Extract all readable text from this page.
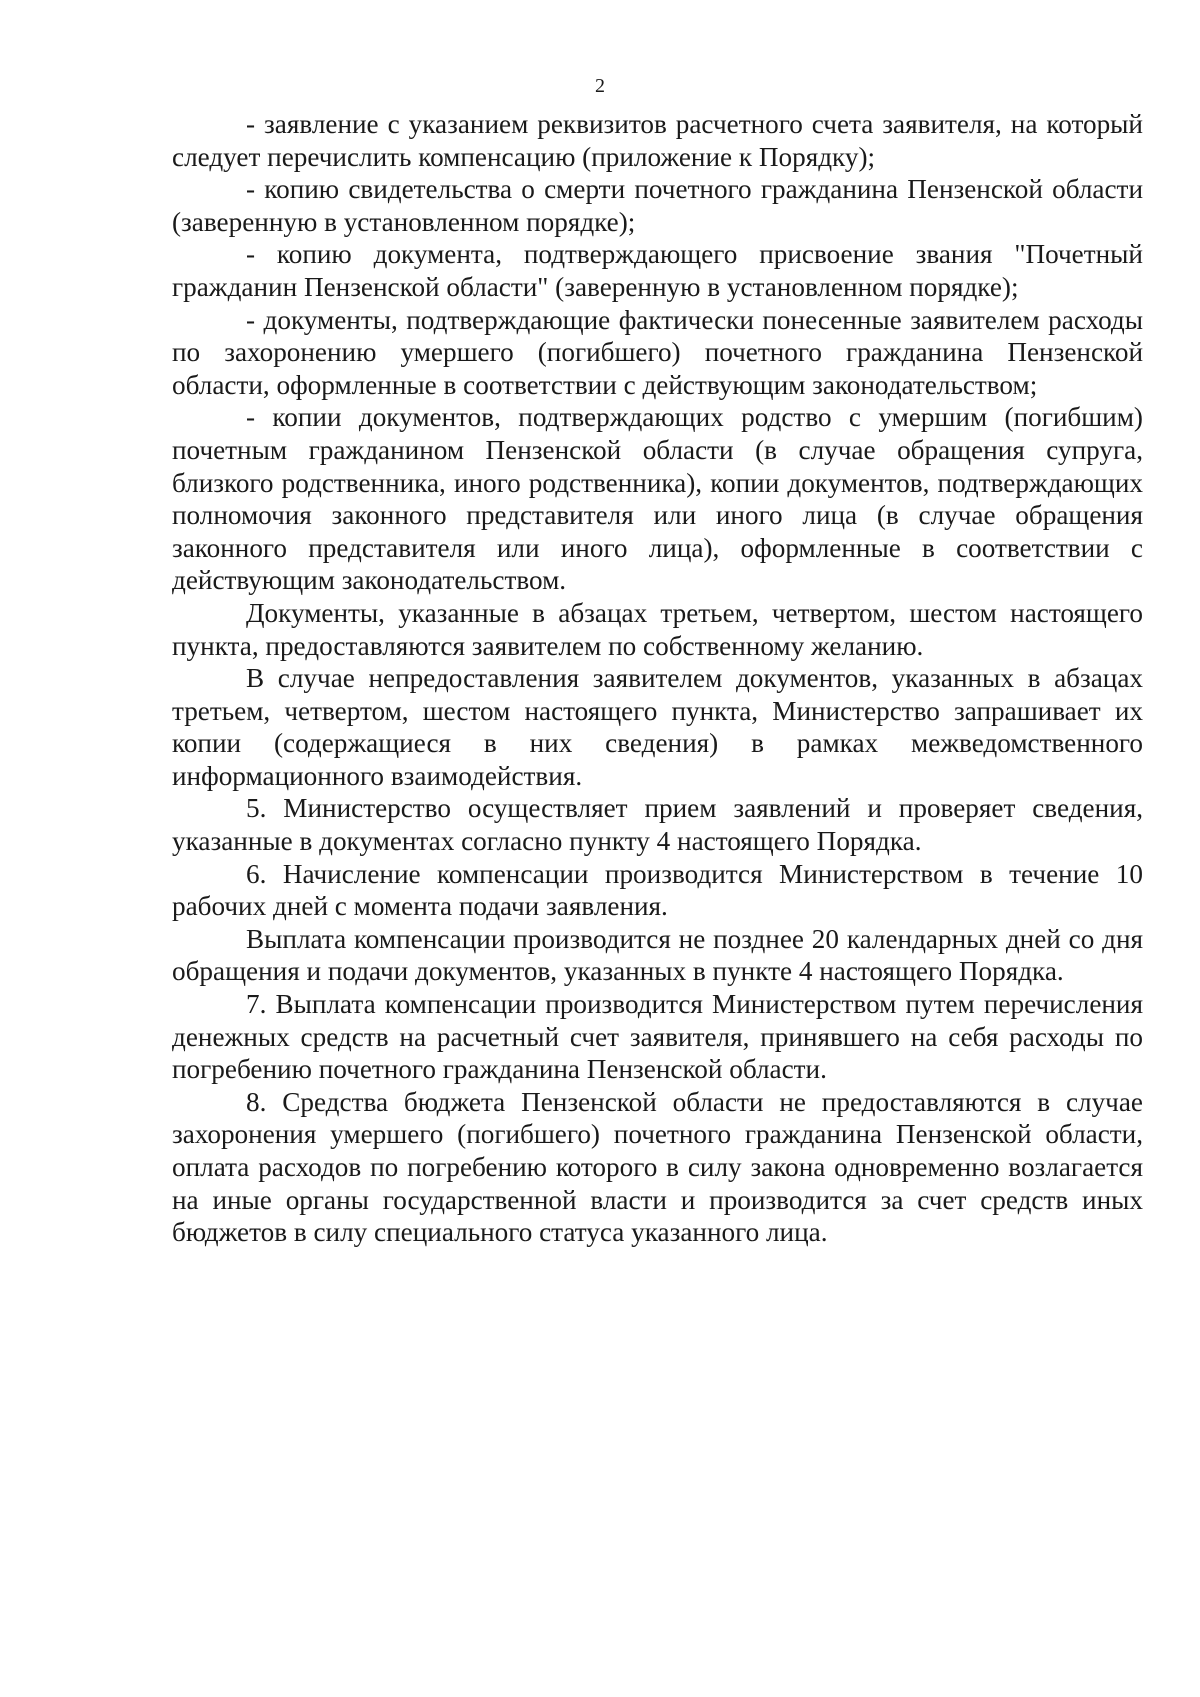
2

- заявление с указанием реквизитов расчетного счета заявителя, на который следует перечислить компенсацию (приложение к Порядку);

- копию свидетельства о смерти почетного гражданина Пензенской области (заверенную в установленном порядке);

- копию документа, подтверждающего присвоение звания "Почетный гражданин Пензенской области" (заверенную в установленном порядке);

- документы, подтверждающие фактически понесенные заявителем расходы по захоронению умершего (погибшего) почетного гражданина Пензенской области, оформленные в соответствии с действующим законодательством;

- копии документов, подтверждающих родство с умершим (погибшим) почетным гражданином Пензенской области (в случае обращения супруга, близкого родственника, иного родственника), копии документов, подтверждающих полномочия законного представителя или иного лица (в случае обращения законного представителя или иного лица), оформленные в соответствии с действующим законодательством.

Документы, указанные в абзацах третьем, четвертом, шестом настоящего пункта, предоставляются заявителем по собственному желанию.

В случае непредоставления заявителем документов, указанных в абзацах третьем, четвертом, шестом настоящего пункта, Министерство запрашивает их копии (содержащиеся в них сведения) в рамках межведомственного информационного взаимодействия.

5. Министерство осуществляет прием заявлений и проверяет сведения, указанные в документах согласно пункту 4 настоящего Порядка.

6. Начисление компенсации производится Министерством в течение 10 рабочих дней с момента подачи заявления.

Выплата компенсации производится не позднее 20 календарных дней со дня обращения и подачи документов, указанных в пункте 4 настоящего Порядка.

7. Выплата компенсации производится Министерством путем перечисления денежных средств на расчетный счет заявителя, принявшего на себя расходы по погребению почетного гражданина Пензенской области.

8. Средства бюджета Пензенской области не предоставляются в случае захоронения умершего (погибшего) почетного гражданина Пензенской области, оплата расходов по погребению которого в силу закона одновременно возлагается на иные органы государственной власти и производится за счет средств иных бюджетов в силу специального статуса указанного лица.
